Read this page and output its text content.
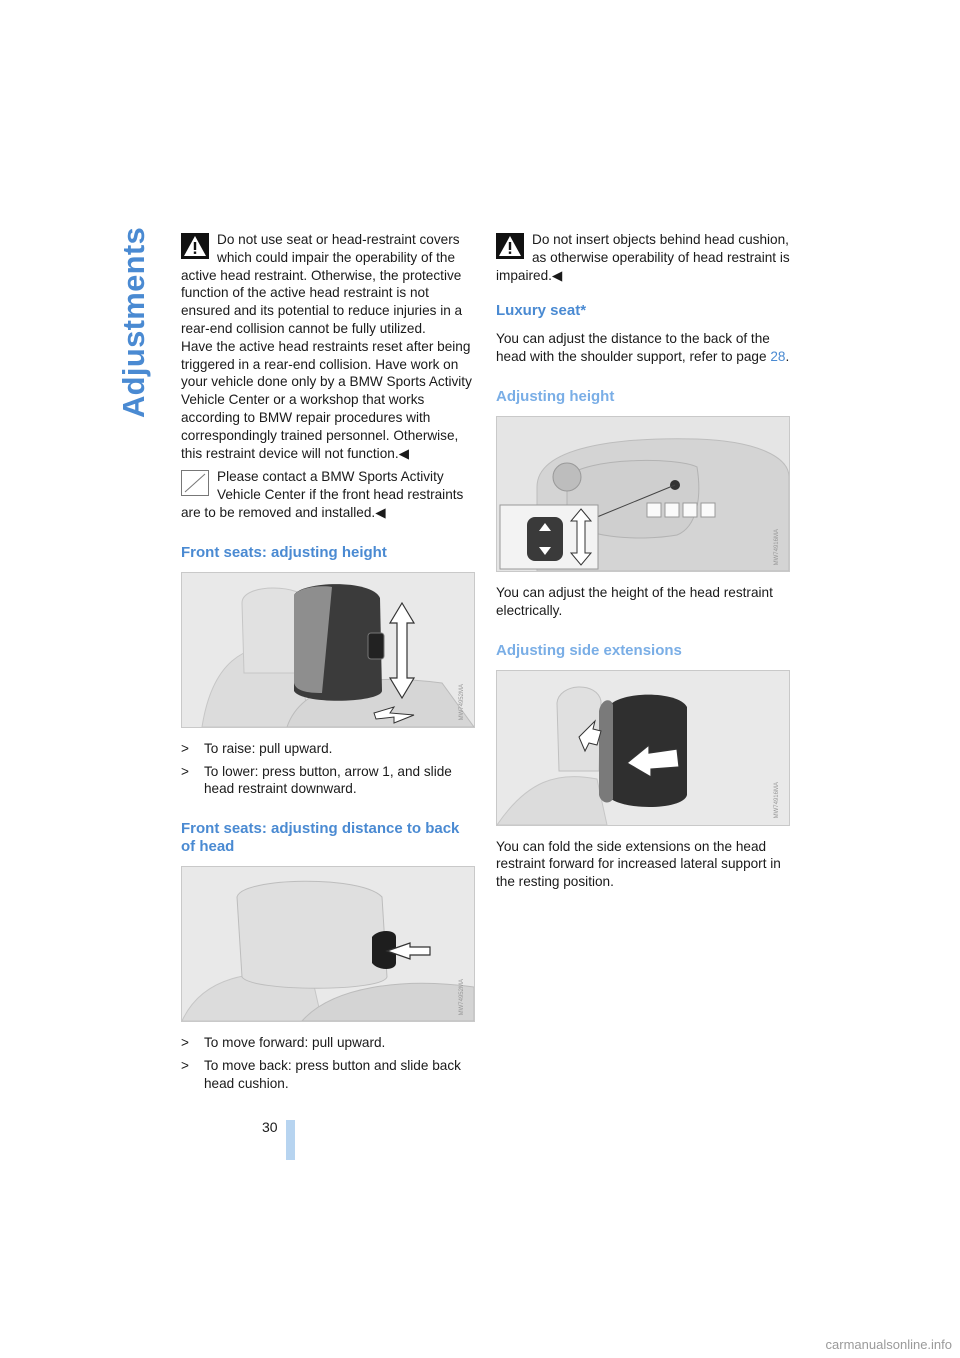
Adjustments	Do not use seat or head-restraint covers which could impair the operability of the active head restraint. Otherwise, the protective function of the active head restraint is not ensured and its potential to reduce injuries in a rear-end collision cannot be fully utilized.

Have the active head restraints reset after being triggered in a rear-end collision. Have work on your vehicle done only by a BMW Sports Activity Vehicle Center or a workshop that works according to BMW repair procedures with correspondingly trained personnel. Otherwise, this restraint device will not function.◀

Please contact a BMW Sports Activity Vehicle Center if the front head restraints are to be removed and installed.◀

Front seats: adjusting height
MW74952MA
> To raise: pull upward.
> To lower: press button, arrow 1, and slide head restraint downward.
Front seats: adjusting distance to back of head
MW74952MA
> To move forward: pull upward.
> To move back: press button and slide back head cushion.

Do not insert objects behind head cushion, as otherwise operability of head restraint is impaired.◀

Luxury seat*

You can adjust the distance to the back of the head with the shoulder support, refer to page 28.

Adjusting height
MW74916MA

You can adjust the height of the head restraint electrically.

Adjusting side extensions
MW74916MA

You can fold the side extensions on the head restraint forward for increased lateral support in the resting position.

30
carmanualsonline.info
